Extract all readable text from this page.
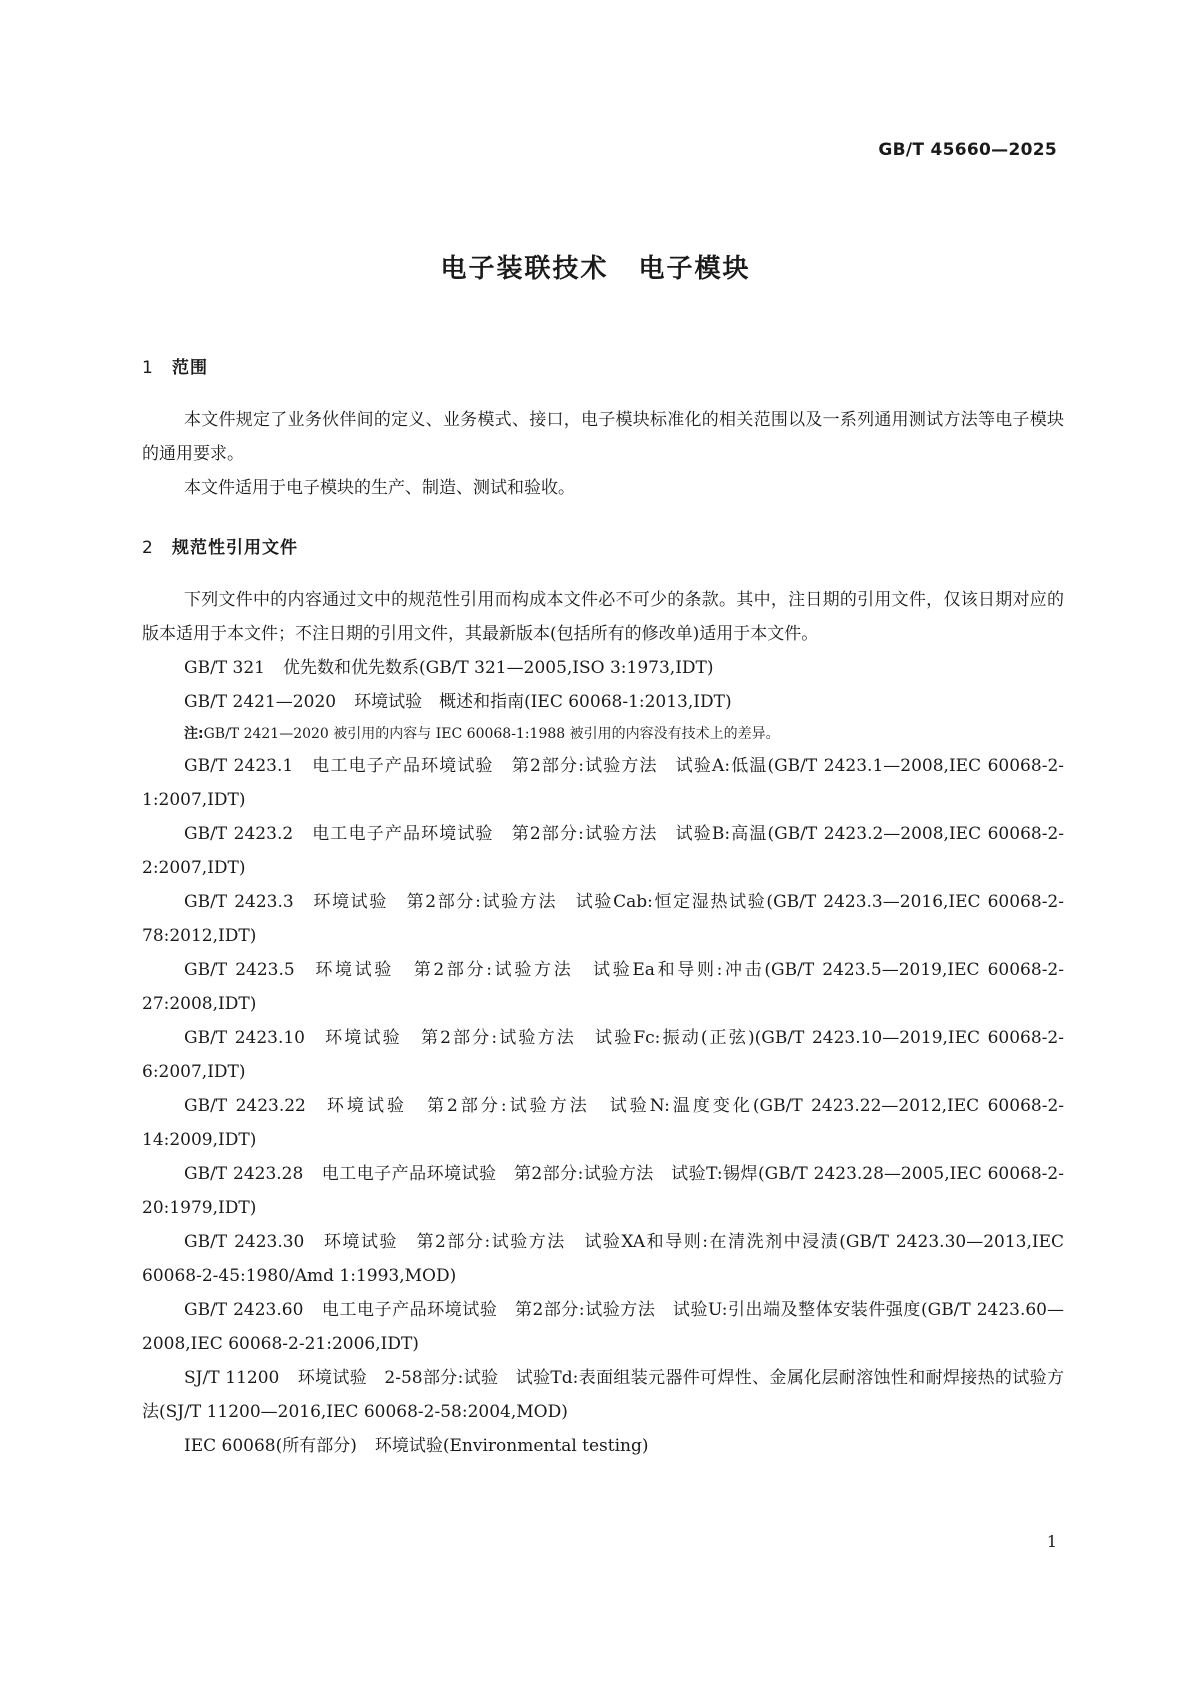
GB/T 45660—2025
电子装联技术 电子模块
1 范围

本文件规定了业务伙伴间的定义、业务模式、接口，电子模块标准化的相关范围以及一系列通用测试方法等电子模块的通用要求。

本文件适用于电子模块的生产、制造、测试和验收。

2 规范性引用文件

下列文件中的内容通过文中的规范性引用而构成本文件必不可少的条款。其中，注日期的引用文件，仅该日期对应的版本适用于本文件；不注日期的引用文件，其最新版本(包括所有的修改单)适用于本文件。

GB/T 321 优先数和优先数系(GB/T 321—2005,ISO 3:1973,IDT)

GB/T 2421—2020 环境试验　概述和指南(IEC 60068-1:2013,IDT)

注:GB/T 2421—2020 被引用的内容与 IEC 60068-1:1988 被引用的内容没有技术上的差异。

GB/T 2423.1 电工电子产品环境试验　第2部分:试验方法　试验A:低温(GB/T 2423.1—2008,IEC 60068-2-1:2007,IDT)

GB/T 2423.2 电工电子产品环境试验　第2部分:试验方法　试验B:高温(GB/T 2423.2—2008,IEC 60068-2-2:2007,IDT)

GB/T 2423.3 环境试验　第2部分:试验方法　试验Cab:恒定湿热试验(GB/T 2423.3—2016,IEC 60068-2-78:2012,IDT)

GB/T 2423.5 环境试验　第2部分:试验方法　试验Ea和导则:冲击(GB/T 2423.5—2019,IEC 60068-2-27:2008,IDT)

GB/T 2423.10 环境试验　第2部分:试验方法　试验Fc:振动(正弦)(GB/T 2423.10—2019,IEC 60068-2-6:2007,IDT)

GB/T 2423.22 环境试验　第2部分:试验方法　试验N:温度变化(GB/T 2423.22—2012,IEC 60068-2-14:2009,IDT)

GB/T 2423.28 电工电子产品环境试验　第2部分:试验方法　试验T:锡焊(GB/T 2423.28—2005,IEC 60068-2-20:1979,IDT)

GB/T 2423.30 环境试验　第2部分:试验方法　试验XA和导则:在清洗剂中浸渍(GB/T 2423.30—2013,IEC 60068-2-45:1980/Amd 1:1993,MOD)

GB/T 2423.60 电工电子产品环境试验　第2部分:试验方法　试验U:引出端及整体安装件强度(GB/T 2423.60—2008,IEC 60068-2-21:2006,IDT)

SJ/T 11200 环境试验　2-58部分:试验　试验Td:表面组装元器件可焊性、金属化层耐溶蚀性和耐焊接热的试验方法(SJ/T 11200—2016,IEC 60068-2-58:2004,MOD)

IEC 60068(所有部分) 环境试验(Environmental testing)

1
